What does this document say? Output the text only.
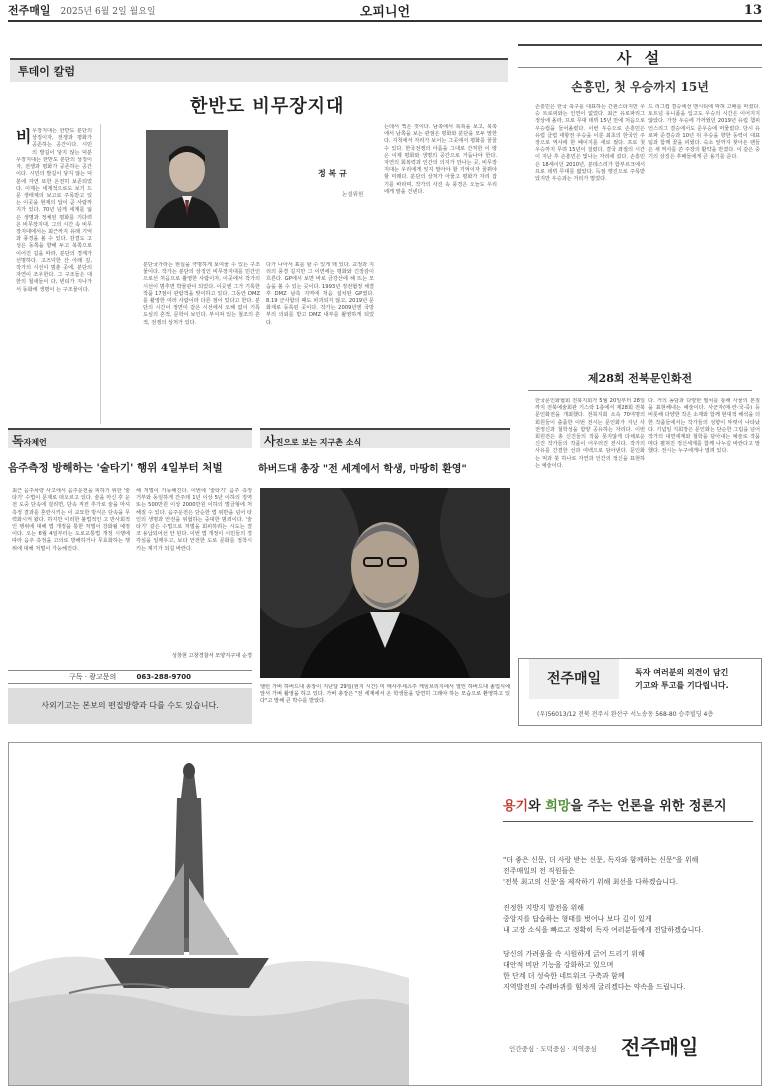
전주매일 2025년 6월 2일 월요일	오피니언	13
투데이 칼럼
한반도 비무장지대
정 복 규
논설위원
비 무장지대는 한반도 분단의 상징이자, 전쟁과 평화가 공존하는 공간이다. 시민의 발길이 닿지 않는 덕분
무장지대는 한반도 분단의 상징이자, 전쟁과 평화가 공존하는 공간이다. 시민의 발길이 닿지 않는 덕분에 자연 또한 온전히 보존되었다. 이제는 세계적으로도 보기 드문 생태계의 보고로 주목받고 있는 이곳을 현재의 답이 곧 사람까지가 있다. 70년 넘게 세계를 잃은 생명과 정체된 평화를 기다려 온 비무장지대. 그의 시간 속 비무장지대에서는 최근까지 유례 기억과 풍경을 볼 수 있다. 감결도 고성은 동쪽을 향해 두고 북쪽으로 이어진 길을 따라, 분단의 경계가 선명하다. 고즈넉한 산 아래 깊, 작가의 시선이 멈춘 곳에, 분단의 자연이 조우한다. 그 구조들은 대한의 철새들이 다, 빈티가 지나가서 동화에 생명이 는 구조물이다.
분단국가라는 현실을 극명하게 보여줄 수 있는 구조물이다. 작가는 분단의 상징인 비무장지대를 민간인으로선 처음으로 촬영한 사람이자, 이곳에서 작가의 시선이 멈추면 박물관이 되었다. 이곳엔 그가 기록한 작품 17점이 관람객을 맞이하고 있다. 그동안 DMZ를 촬영한 여러 사람이라 다른 점이 있다고 한다. 분단의 시간이 정면이 같은 시선에서 오해 없이 기록 도심의 흔적, 문학이 보인다. 부서져 있는 철조의 흔적, 전쟁의 상처가 있다.
다가 나아서 표를 할 수 있게 돼 있다. 교정과 지리의 풍경 길지만 그 이면에는 평화와 긴장감이 흐른다. GP에서 보면 바로 금강산에 해 뜨는 모습을 볼 수 있는 곳이다. 1993년 정전협정 체결 후 DMZ 남측 지역에 처음 설치된 GP였다. 8.19 군사합의 때도 파괴되지 않고, 2019년 문화재로 등록된 곳이다. 작가는 2009년엔 국방부의 의뢰를 받고 DMZ 내부를 촬영하게 되었다.
는데서 찍은 것이다. 남쪽에서 북쪽을 보고, 북쪽에서 남쪽을 보는 관점은 평화와 분단을 모두 말한다. 지척에서 자리가 보이는 그곳에서 평화를 꿈꿀 수 있다. 한국전쟁의 아픔을 그대로 간직한 이 땅은 이제 평화와 생명의 공간으로 거듭나야 한다. 자연의 회복력과 인간의 의지가 만나는 곳, 비무장지대는 우리에게 잊지 말아야 할 기억이자 꿈꿔야 할 미래다. 분단의 상처가 아물고 평화가 자리 잡기를 바라며, 작가의 사진 속 풍경은 오늘도 우리에게 말을 건넨다.
사 설
손흥민, 첫 우승까지 15년
손흥민은 한국 축구를 대표하는 간판스타지만 우승 트로피와는 인연이 없었다. 최근 유로파리그 정상에 올라, 프로 무대 데뷔 15년 만에 처음으로 우승컵을 들어올렸다. 이번 우승으로 손흥민은 유럽 클럽 대항전 우승을 이룬 최초의 한국인 주장으로 역사에 한 페이지를 새로 썼다. 프로 첫 우승까지 무려 15년이 걸렸다. 결국 좌절의 시간이 지난 후 손흥민은 빛나는 자리에 섰다. 손흥민은 18세이던 2010년, 분데스리가 함부르크에서 프로 데뷔 무대를 밟았다. 득점 행진으로 주목받았지만 우승과는 거리가 멀었다.
드 리그컵 결승에선 맨시티에 막혀 고배를 마셨다. 토트넘 유니폼을 입고도 우승의 시간은 이어지지 않았다. 가장 우승에 가까웠던 2019년 유럽 챔피언스리그 결승에서도 준우승에 머물렀다. 당시 유로파 준결승과 10년 뒤 우승을 향한 동력이 대표팀과 함께 꽃을 피웠다. 숙소 앞까지 찾아온 팬들은 새 역사를 쓴 주장의 활약을 반겼다. 이 같은 중기의 상징은 후배들에게 큰 용기를 준다.
제28회 전북문인화전
한국문인화협회 전북지회가 5월 20일부터 28일까지 전북예술회관 기스락 1층에서 제28회 전북문인화전을 개최했다. 전북지회 소속 70여명의 회원들이 출품한 이번 전시는 문인화가 지닌 사전정신과 철학성을 함양 공유하는 자리다. 이번 회원전은 총 신진들의 작품 못지않게 다채로운 신진 작가들의 작품이 어우러진 전시다. 작가의 사유를 간결한 선과 여백으로 담아낸다. 문인화는 먹과 붓 하나로 자연과 인간의 정신을 표현하는 예술이다.
다. 거의 농담과 다양한 필치를 통해 사물의 본질을 표현해내는 예술이다. 사군자(매·란·국·죽) 등 비롯해 다양한 작은 소재와 함께 현대적 해석을 더한 작품들에서는 작가들의 성향이 뚜렷이 나타났다. 기념일 지회장은 문인화는 단순한 그림을 넘어 작가의 내면세계와 철학을 담아내는 예술로 작품마다 펼쳐진 정신세계를 함께 나누길 바란다고 말했다. 전시는 누구에게나 열려 있다.
전주매일	독자 여러분의 의견이 담긴
기고와 투고를 기다립니다.
(우)56013/12 전북 전주시 완산구 서노송동 568-80 승주빌딩 4층
독자제언
음주측정 방해하는 '술타기' 행위 4일부터 처벌
최근 음주차량 사고에서 음주운전을 피하기 위한 '술타기' 수법이 문제로 떠오르고 있다. 술을 마신 후 운전 도중 단속에 걸리면, 단속 직전 추가로 술을 마셔 측정 결과를 혼란시키는 이 교묘한 방식은 단속을 무력화시켜 왔다. 하지만 이러한 불법적인 고 반사회적인 행위에 대해 법 개정을 통한 처벌이 강화될 예정이다. 오는 6월 4일부터는 도로교통법 개정 시행에 따라 음주 측정을 고의로 방해하거나 무효화하는 행위에 대해 처벌이 가능해진다.
해 처벌이 가능해진다. 이번에 '술타기' 음주 측정 거부와 동일하게 간주돼 1년 이상 5년 이하의 징역 또는 500만원 이상 2000만원 이하의 벌금형에 처해질 수 있다. 음주운전은 단순한 법 위반을 넘어 타인의 생명과 안전을 위협하는 중대한 범죄이다. '술타기' 같은 수법으로 처벌을 회피하려는 시도는 결코 용납되어선 안 된다. 이번 법 개정이 시민들의 경각심을 일깨우고, 보다 안전한 도로 문화를 정착시키는 계기가 되길 바란다.
성창현 고창경찰서 모양지구대 순경
구독 · 광고문의	063-288-9700
사외기고는 본보의 편집방향과 다를 수도 있습니다.
사진으로 보는 지구촌 소식
하버드대 총장 "전 세계에서 학생, 마땅히 환영"
앨런 가버 하버드대 총장이 지난달 29일(현지 시간) 미 매사추세츠주 케임브리지에서 열린 하버드대 졸업식에 앞서 가벼 촬영을 하고 있다. 가버 총장은 "전 세계에서 온 학생들을 당연히 그래야 하는 모습으로 환영하고 있다"고 말해 큰 박수를 받았다.
용기와 희망을 주는 언론을 위한 정론지
"더 좋은 신문, 더 사랑 받는 신문, 독자와 함께하는 신문"을 위해
전주매일의 전 직원들은
'전북 최고의 신문'을 제작하기 위해 최선을 다하겠습니다.
진정한 지방지 발전을 위해
중앙지를 답습하는 형태를 벗어나 보다 깊이 있게
내 고장 소식을 빠르고 정확히 독자 여러분들에게 전달하겠습니다.
당신의 가려움을 속 시원하게 긁어 드리기 위해
대안적 비판 기능을 강화하고 있으며
한 단계 더 성숙한 네트워크 구축과 함께
지역발전의 수레바퀴를 힘차게 굴리겠다는 약속을 드립니다.
인간중심 · 도덕중심 · 지역중심 전주매일
